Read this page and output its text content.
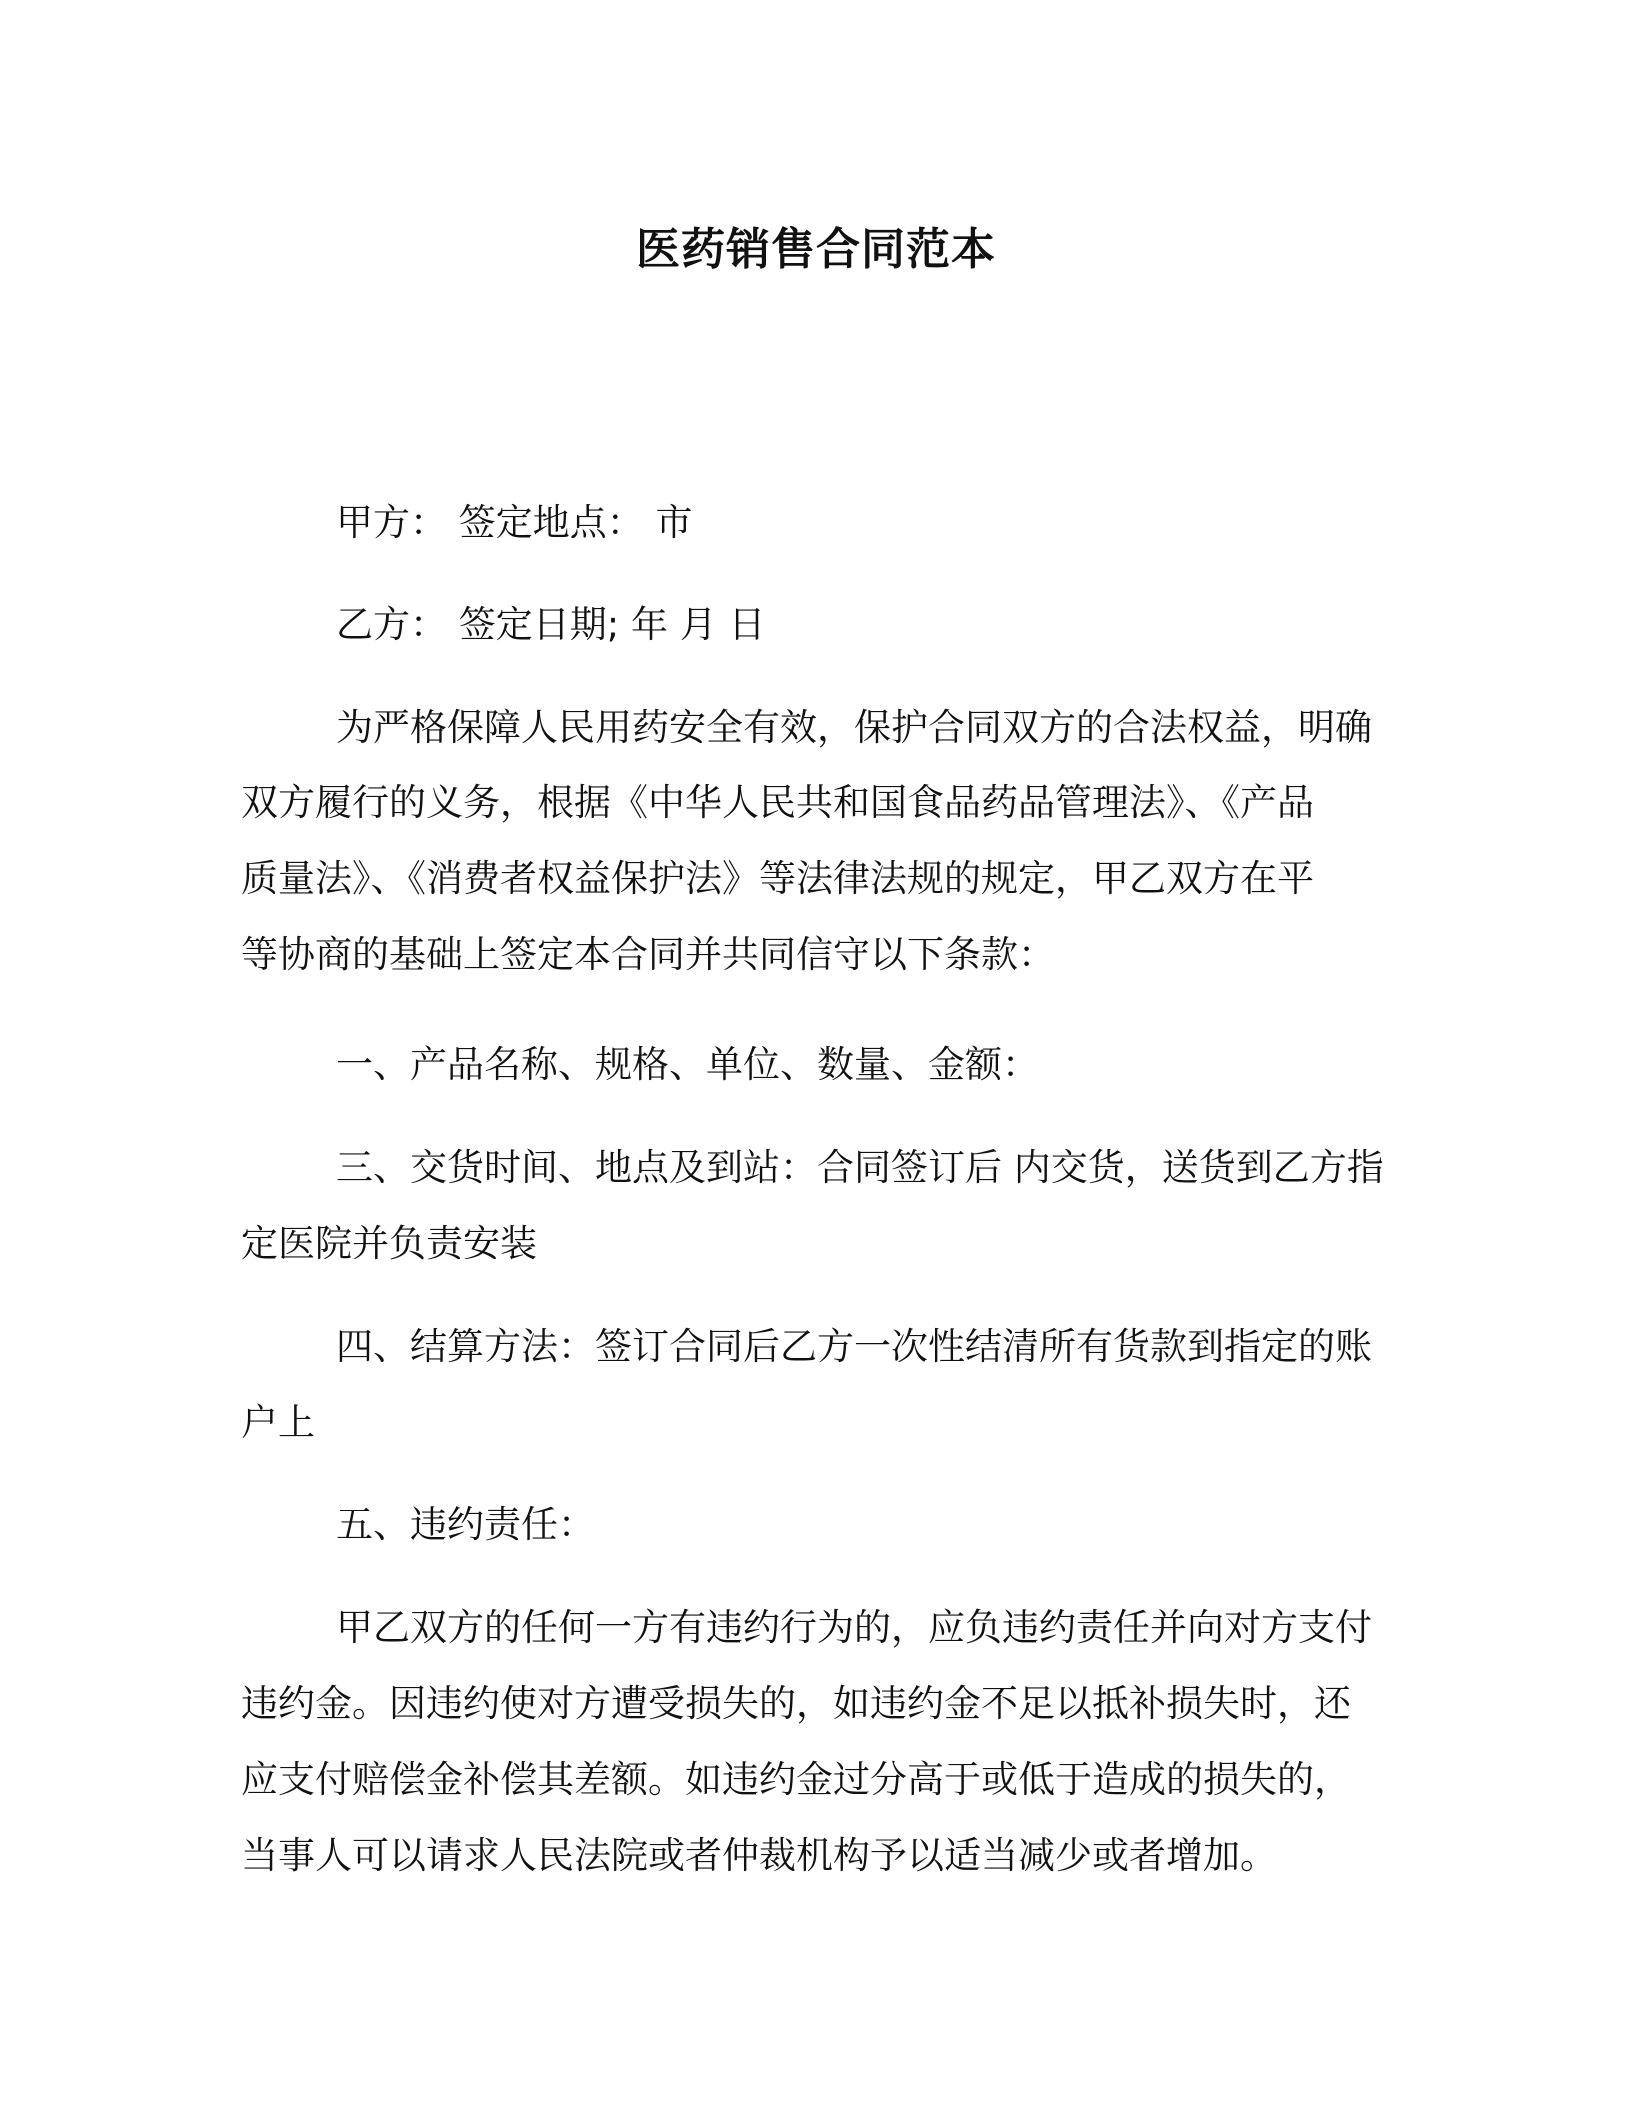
医药销售合同范本

甲方： 签定地点： 市

乙方： 签定日期; 年 月 日

为严格保障人民用药安全有效，保护合同双方的合法权益，明确

双方履行的义务，根据《中华人民共和国食品药品管理法》、《产品

质量法》、《消费者权益保护法》等法律法规的规定，甲乙双方在平

等协商的基础上签定本合同并共同信守以下条款：

一、产品名称、规格、单位、数量、金额：

三、交货时间、地点及到站：合同签订后 内交货，送货到乙方指

定医院并负责安装

四、结算方法：签订合同后乙方一次性结清所有货款到指定的账

户上

五、违约责任：

甲乙双方的任何一方有违约行为的，应负违约责任并向对方支付

违约金。因违约使对方遭受损失的，如违约金不足以抵补损失时，还

应支付赔偿金补偿其差额。如违约金过分高于或低于造成的损失的，

当事人可以请求人民法院或者仲裁机构予以适当减少或者增加。
